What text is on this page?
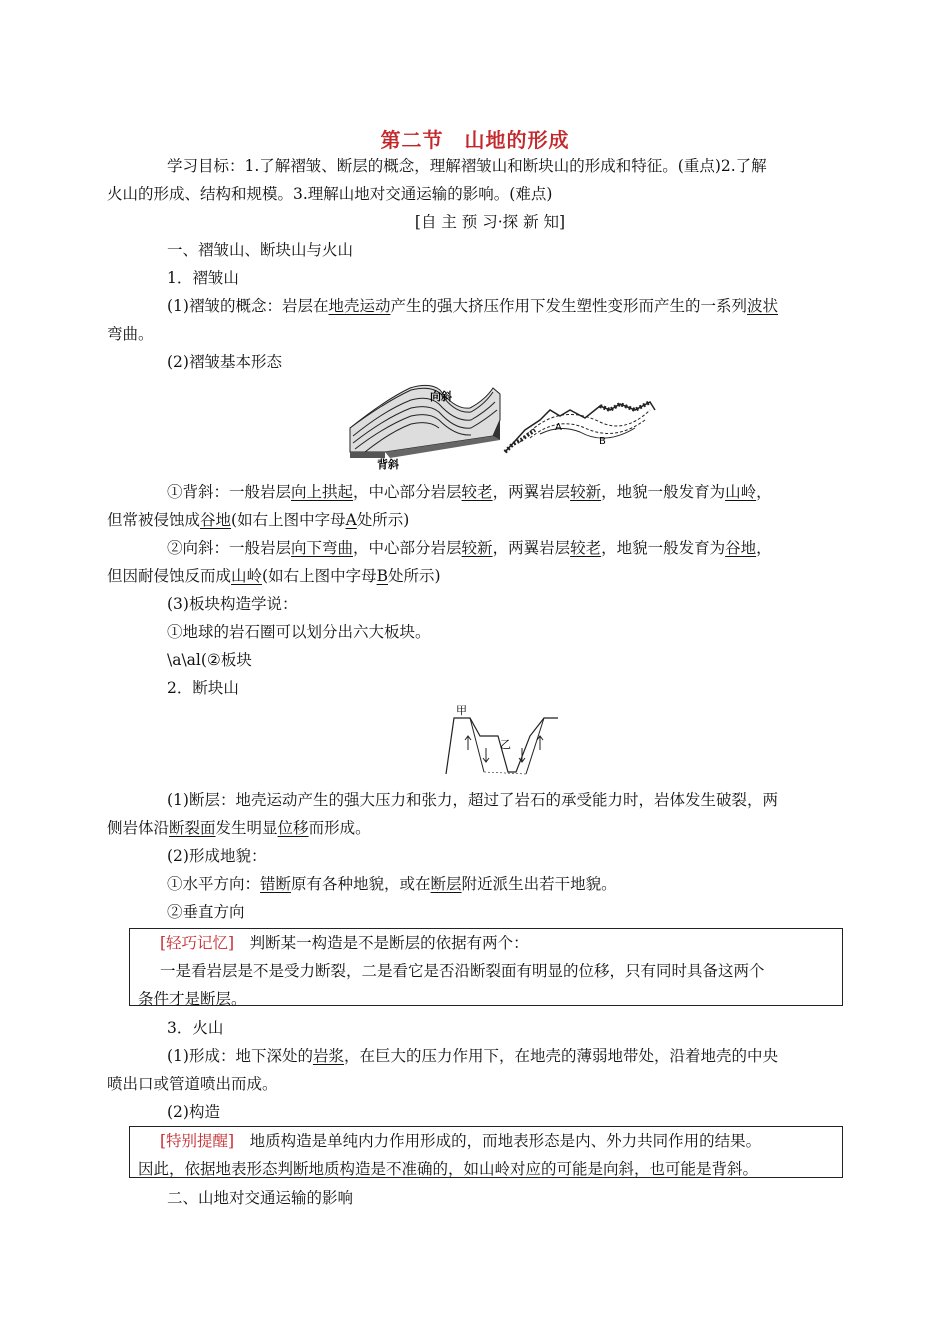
第二节　山地的形成
学习目标：1.了解褶皱、断层的概念，理解褶皱山和断块山的形成和特征。(重点)2.了解
火山的形成、结构和规模。3.理解山地对交通运输的影响。(难点)
[自 主 预 习·探 新 知]
一、褶皱山、断块山与火山
1．褶皱山
(1)褶皱的概念：岩层在地壳运动产生的强大挤压作用下发生塑性变形而产生的一系列波状
弯曲。
(2)褶皱基本形态
向斜
背斜
A
B
①背斜：一般岩层向上拱起，中心部分岩层较老，两翼岩层较新，地貌一般发育为山岭，
但常被侵蚀成谷地(如右上图中字母A处所示)
②向斜：一般岩层向下弯曲，中心部分岩层较新，两翼岩层较老，地貌一般发育为谷地，
但因耐侵蚀反而成山岭(如右上图中字母B处所示)
(3)板块构造学说：
①地球的岩石圈可以划分出六大板块。
\a\al(②板块
2．断块山
甲
乙
(1)断层：地壳运动产生的强大压力和张力，超过了岩石的承受能力时，岩体发生破裂，两
侧岩体沿断裂面发生明显位移而形成。
(2)形成地貌：
①水平方向：错断原有各种地貌，或在断层附近派生出若干地貌。
②垂直方向
[轻巧记忆]　判断某一构造是不是断层的依据有两个：
一是看岩层是不是受力断裂，二是看它是否沿断裂面有明显的位移，只有同时具备这两个
条件才是断层。
3．火山
(1)形成：地下深处的岩浆，在巨大的压力作用下，在地壳的薄弱地带处，沿着地壳的中央
喷出口或管道喷出而成。
(2)构造
[特别提醒]　地质构造是单纯内力作用形成的，而地表形态是内、外力共同作用的结果。
因此，依据地表形态判断地质构造是不准确的，如山岭对应的可能是向斜，也可能是背斜。
二、山地对交通运输的影响
